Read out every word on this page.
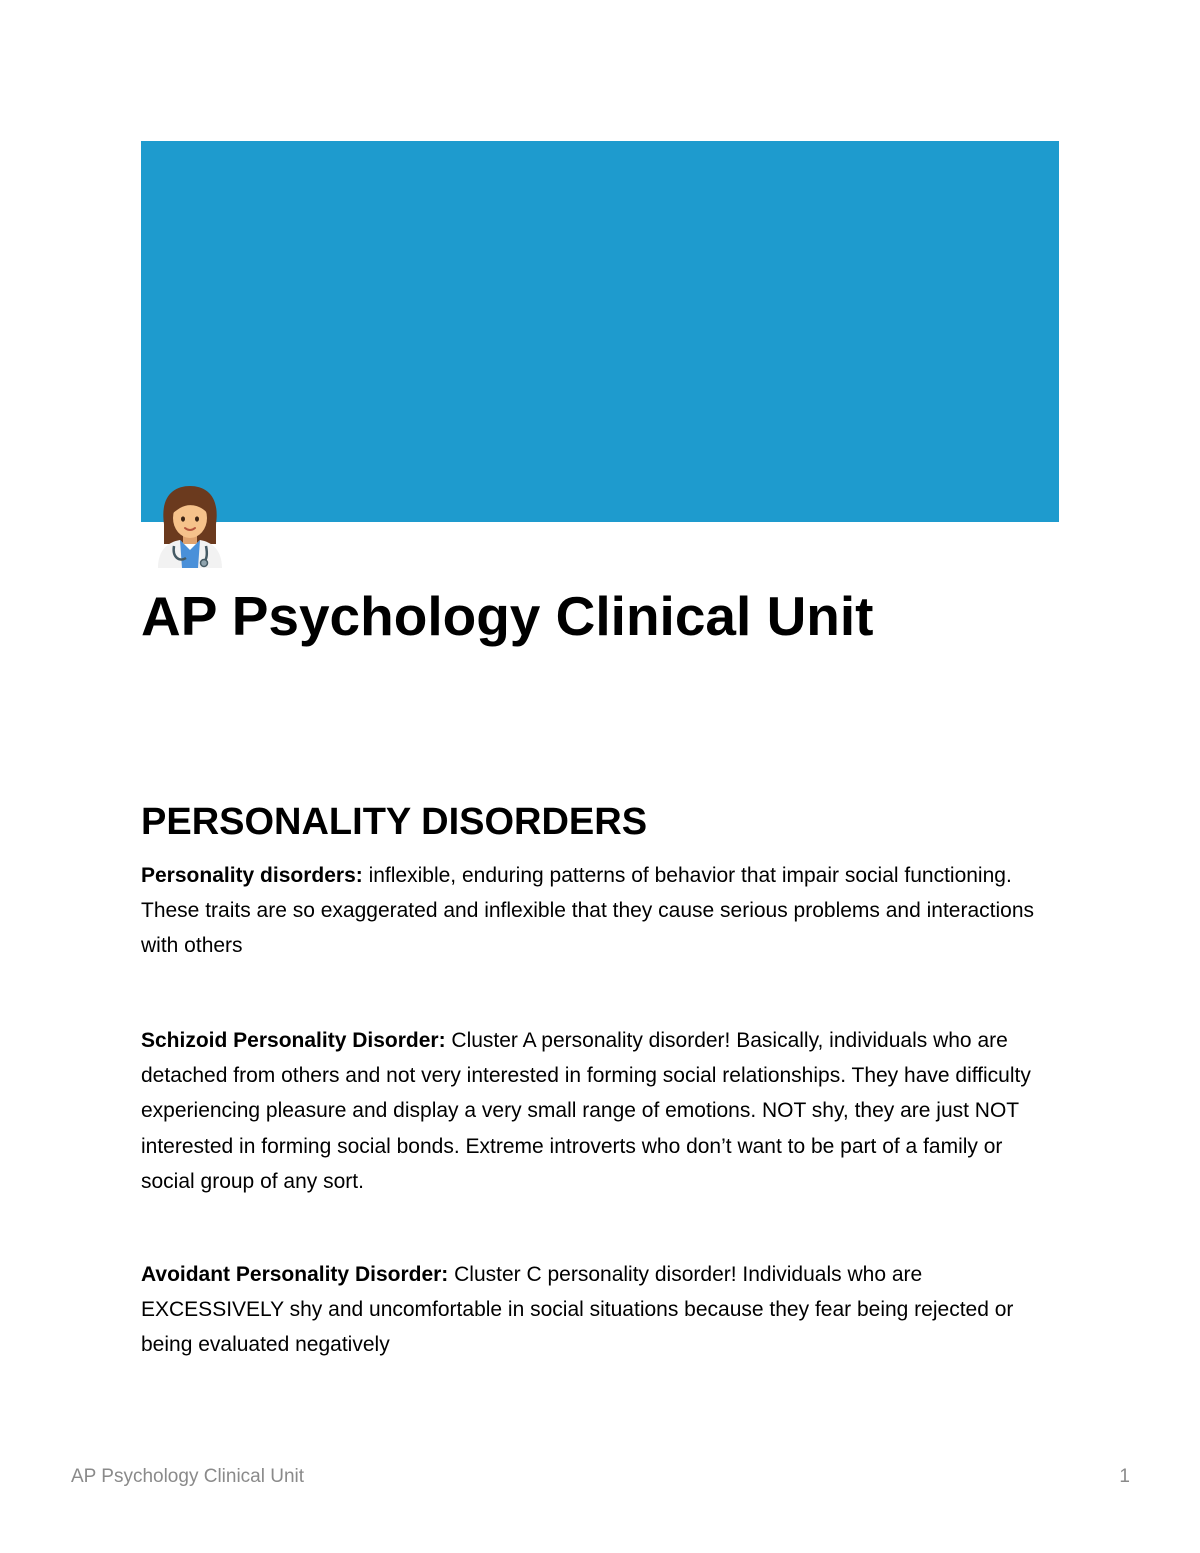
AP Psychology Clinical Unit
PERSONALITY DISORDERS

Personality disorders: inflexible, enduring patterns of behavior that impair social functioning. These traits are so exaggerated and inflexible that they cause serious problems and interactions with others

Schizoid Personality Disorder: Cluster A personality disorder! Basically, individuals who are detached from others and not very interested in forming social relationships. They have difficulty experiencing pleasure and display a very small range of emotions. NOT shy, they are just NOT interested in forming social bonds. Extreme introverts who don’t want to be part of a family or social group of any sort.

Avoidant Personality Disorder: Cluster C personality disorder! Individuals who are EXCESSIVELY shy and uncomfortable in social situations because they fear being rejected or being evaluated negatively

AP Psychology Clinical Unit	1
